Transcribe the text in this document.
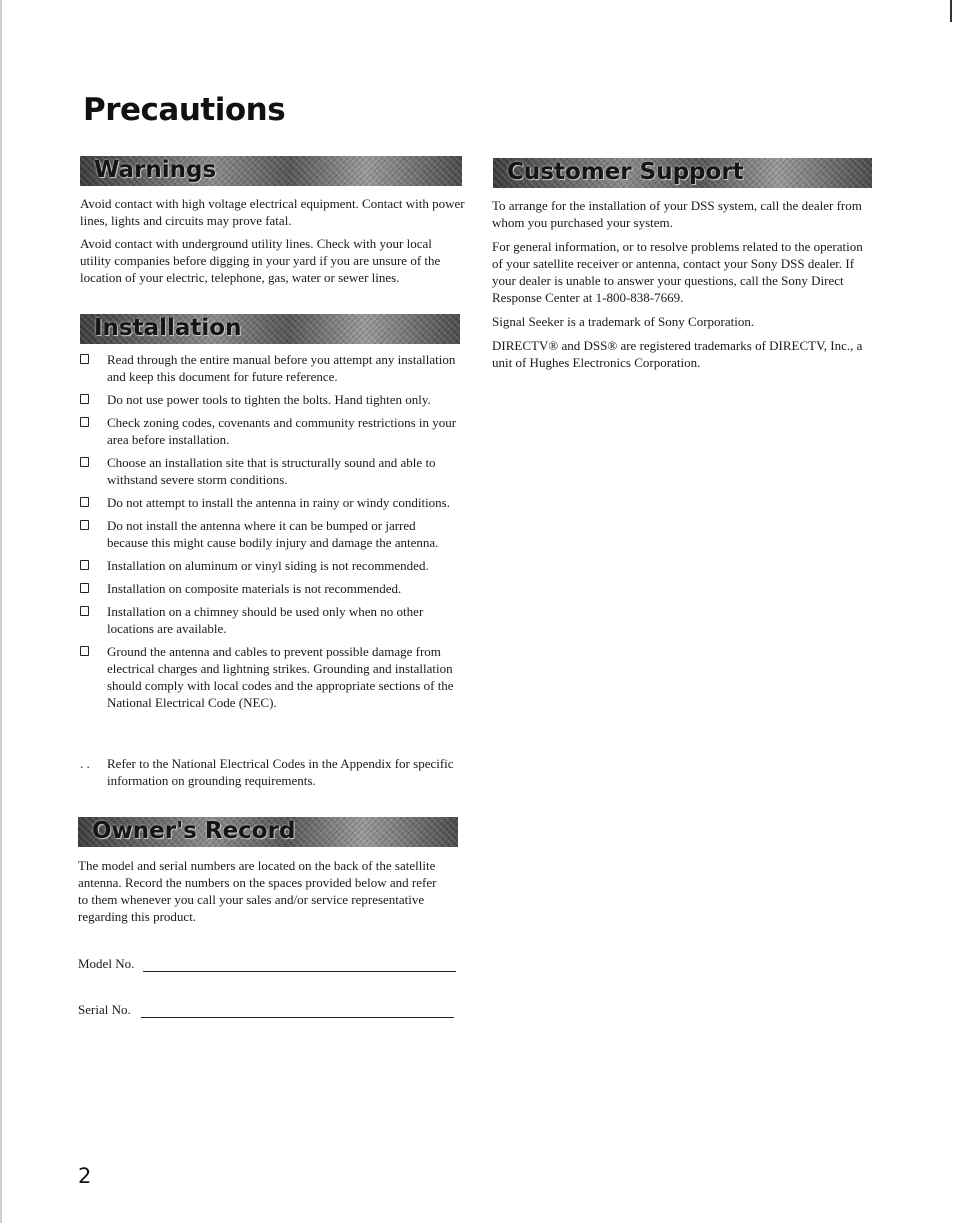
Precautions
Warnings

Avoid contact with high voltage electrical equipment. Contact with power lines, lights and circuits may prove fatal.

Avoid contact with underground utility lines. Check with your local utility companies before digging in your yard if you are unsure of the location of your electric, telephone, gas, water or sewer lines.

Installation
Read through the entire manual before you attempt any installation and keep this document for future reference.
Do not use power tools to tighten the bolts. Hand tighten only.
Check zoning codes, covenants and community restrictions in your area before installation.
Choose an installation site that is structurally sound and able to withstand severe storm conditions.
Do not attempt to install the antenna in rainy or windy conditions.
Do not install the antenna where it can be bumped or jarred because this might cause bodily injury and damage the antenna.
Installation on aluminum or vinyl siding is not recommended.
Installation on composite materials is not recommended.
Installation on a chimney should be used only when no other locations are available.
Ground the antenna and cables to prevent possible damage from electrical charges and lightning strikes. Grounding and installation should comply with local codes and the appropriate sections of the National Electrical Code (NEC).
. . Refer to the National Electrical Codes in the Appendix for specific information on grounding requirements.
Owner's Record

The model and serial numbers are located on the back of the satellite antenna. Record the numbers on the spaces provided below and refer to them whenever you call your sales and/or service representative regarding this product.

Model No.
Serial No.
Customer Support

To arrange for the installation of your DSS system, call the dealer from whom you purchased your system.

For general information, or to resolve problems related to the operation of your satellite receiver or antenna, contact your Sony DSS dealer. If your dealer is unable to answer your questions, call the Sony Direct Response Center at 1-800-838-7669.

Signal Seeker is a trademark of Sony Corporation.

DIRECTV® and DSS® are registered trademarks of DIRECTV, Inc., a unit of Hughes Electronics Corporation.

2
